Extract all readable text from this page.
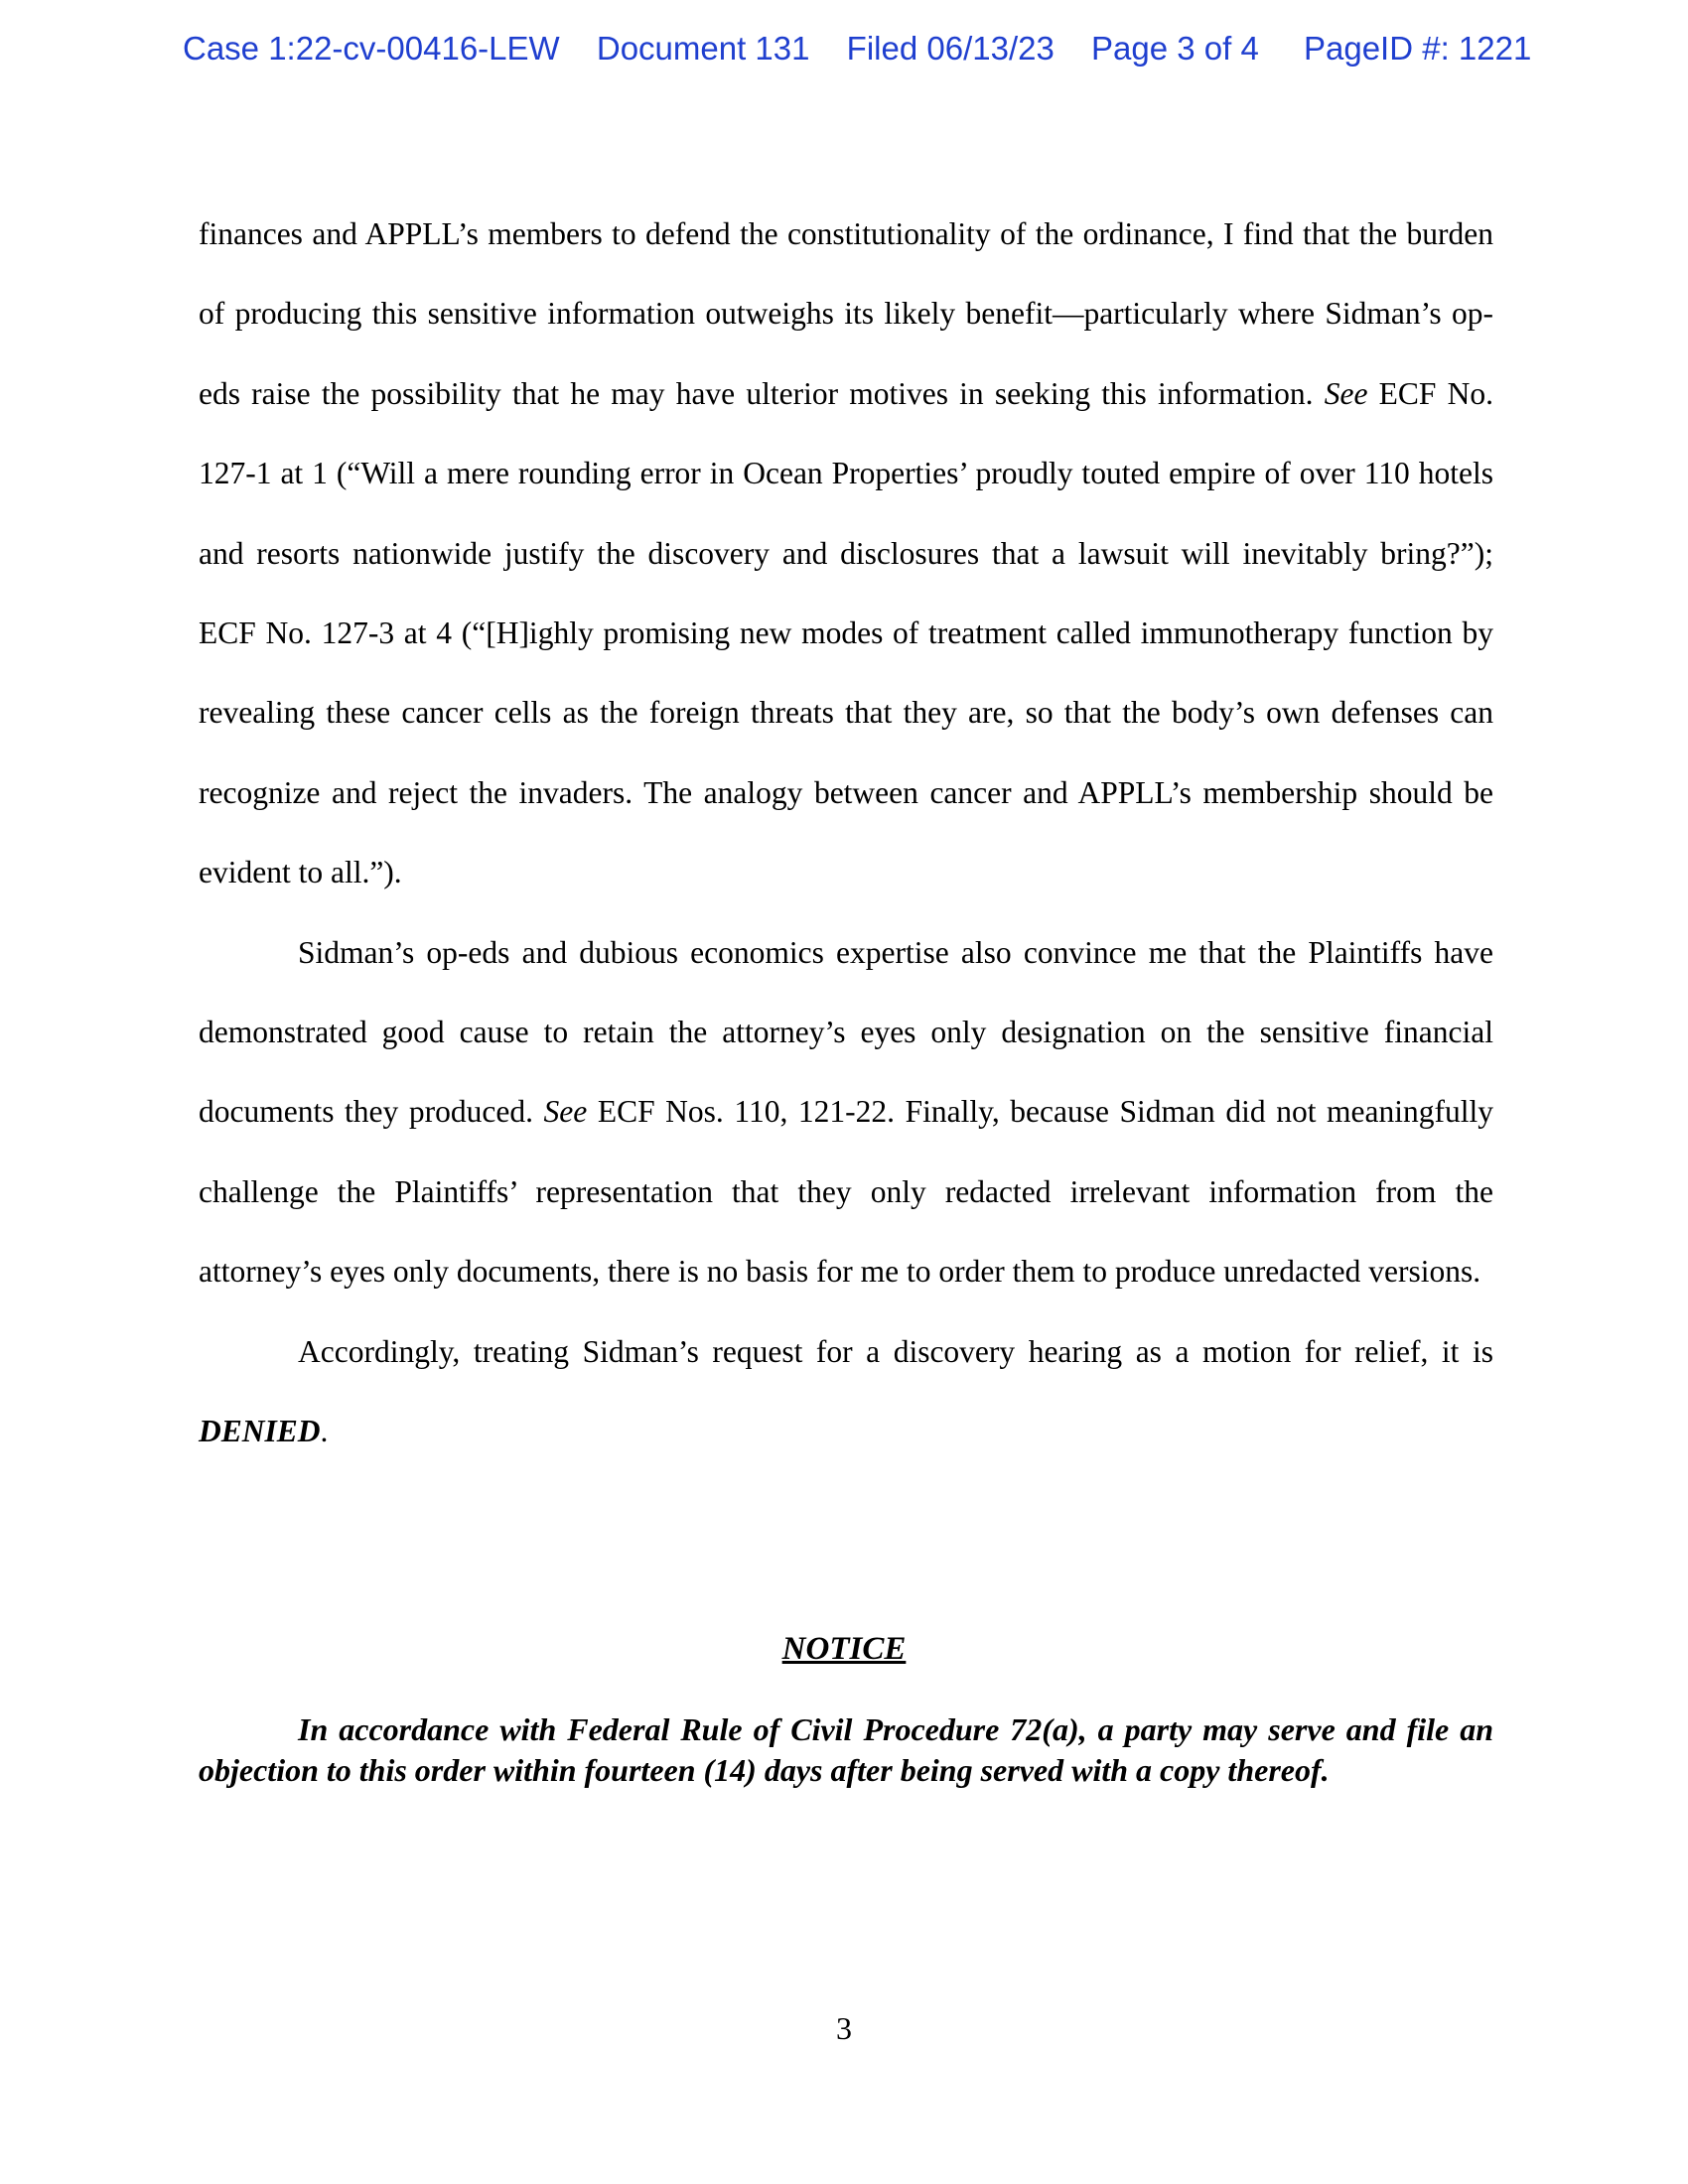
Case 1:22-cv-00416-LEW Document 131 Filed 06/13/23 Page 3 of 4 PageID #: 1221

finances and APPLL’s members to defend the constitutionality of the ordinance, I find that the burden of producing this sensitive information outweighs its likely benefit—particularly where Sidman’s op-eds raise the possibility that he may have ulterior motives in seeking this information. See ECF No. 127-1 at 1 (“Will a mere rounding error in Ocean Properties’ proudly touted empire of over 110 hotels and resorts nationwide justify the discovery and disclosures that a lawsuit will inevitably bring?”); ECF No. 127-3 at 4 (“[H]ighly promising new modes of treatment called immunotherapy function by revealing these cancer cells as the foreign threats that they are, so that the body’s own defenses can recognize and reject the invaders. The analogy between cancer and APPLL’s membership should be evident to all.”).

Sidman’s op-eds and dubious economics expertise also convince me that the Plaintiffs have demonstrated good cause to retain the attorney’s eyes only designation on the sensitive financial documents they produced. See ECF Nos. 110, 121-22. Finally, because Sidman did not meaningfully challenge the Plaintiffs’ representation that they only redacted irrelevant information from the attorney’s eyes only documents, there is no basis for me to order them to produce unredacted versions.

Accordingly, treating Sidman’s request for a discovery hearing as a motion for relief, it is DENIED.

NOTICE
In accordance with Federal Rule of Civil Procedure 72(a), a party may serve and file an objection to this order within fourteen (14) days after being served with a copy thereof.
3
